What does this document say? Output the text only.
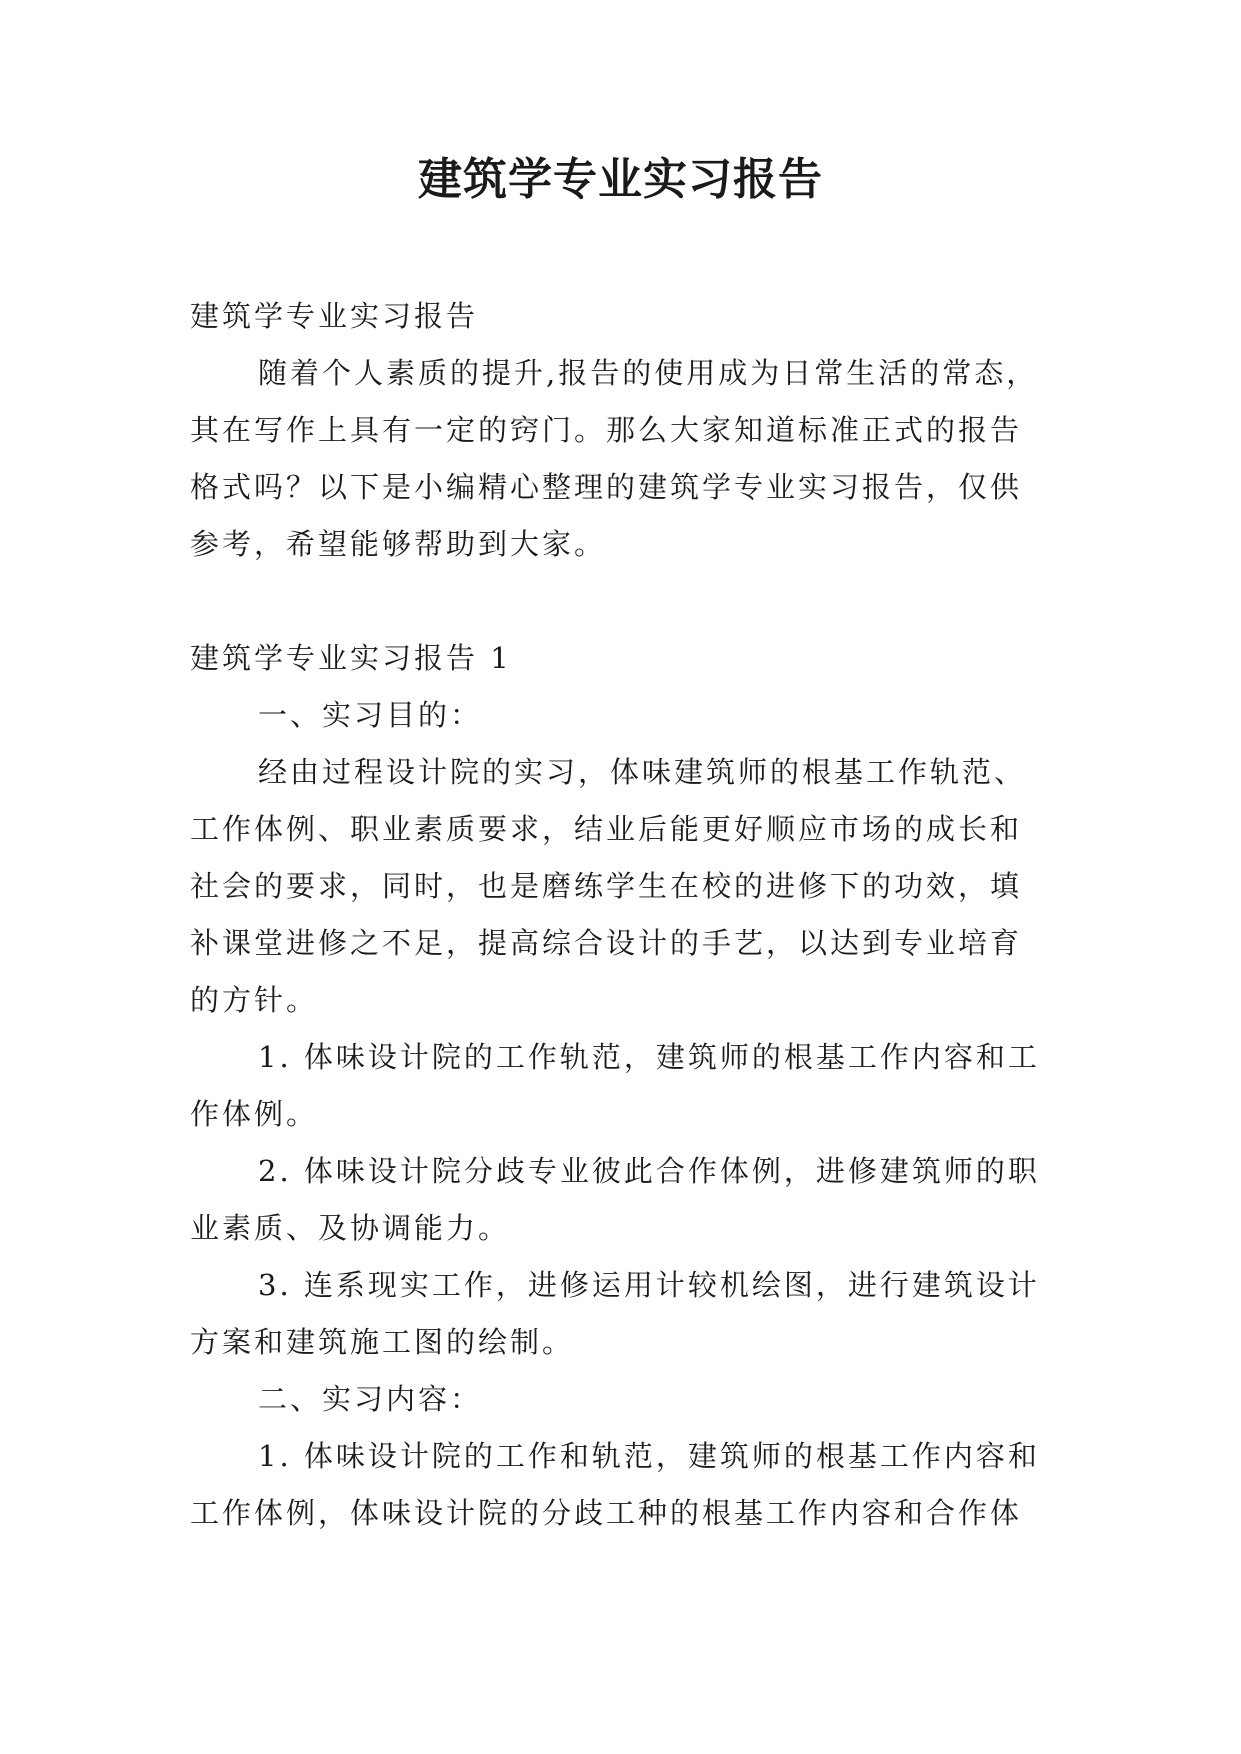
建筑学专业实习报告
建筑学专业实习报告
随着个人素质的提升,报告的使用成为日常生活的常态，
其在写作上具有一定的窍门。那么大家知道标准正式的报告
格式吗？以下是小编精心整理的建筑学专业实习报告，仅供
参考，希望能够帮助到大家。
建筑学专业实习报告 1
一、实习目的：
经由过程设计院的实习，体味建筑师的根基工作轨范、
工作体例、职业素质要求，结业后能更好顺应市场的成长和
社会的要求，同时，也是磨练学生在校的进修下的功效，填
补课堂进修之不足，提高综合设计的手艺，以达到专业培育
的方针。
1. 体味设计院的工作轨范，建筑师的根基工作内容和工
作体例。
2. 体味设计院分歧专业彼此合作体例，进修建筑师的职
业素质、及协调能力。
3. 连系现实工作，进修运用计较机绘图，进行建筑设计
方案和建筑施工图的绘制。
二、实习内容：
1. 体味设计院的工作和轨范，建筑师的根基工作内容和
工作体例，体味设计院的分歧工种的根基工作内容和合作体
